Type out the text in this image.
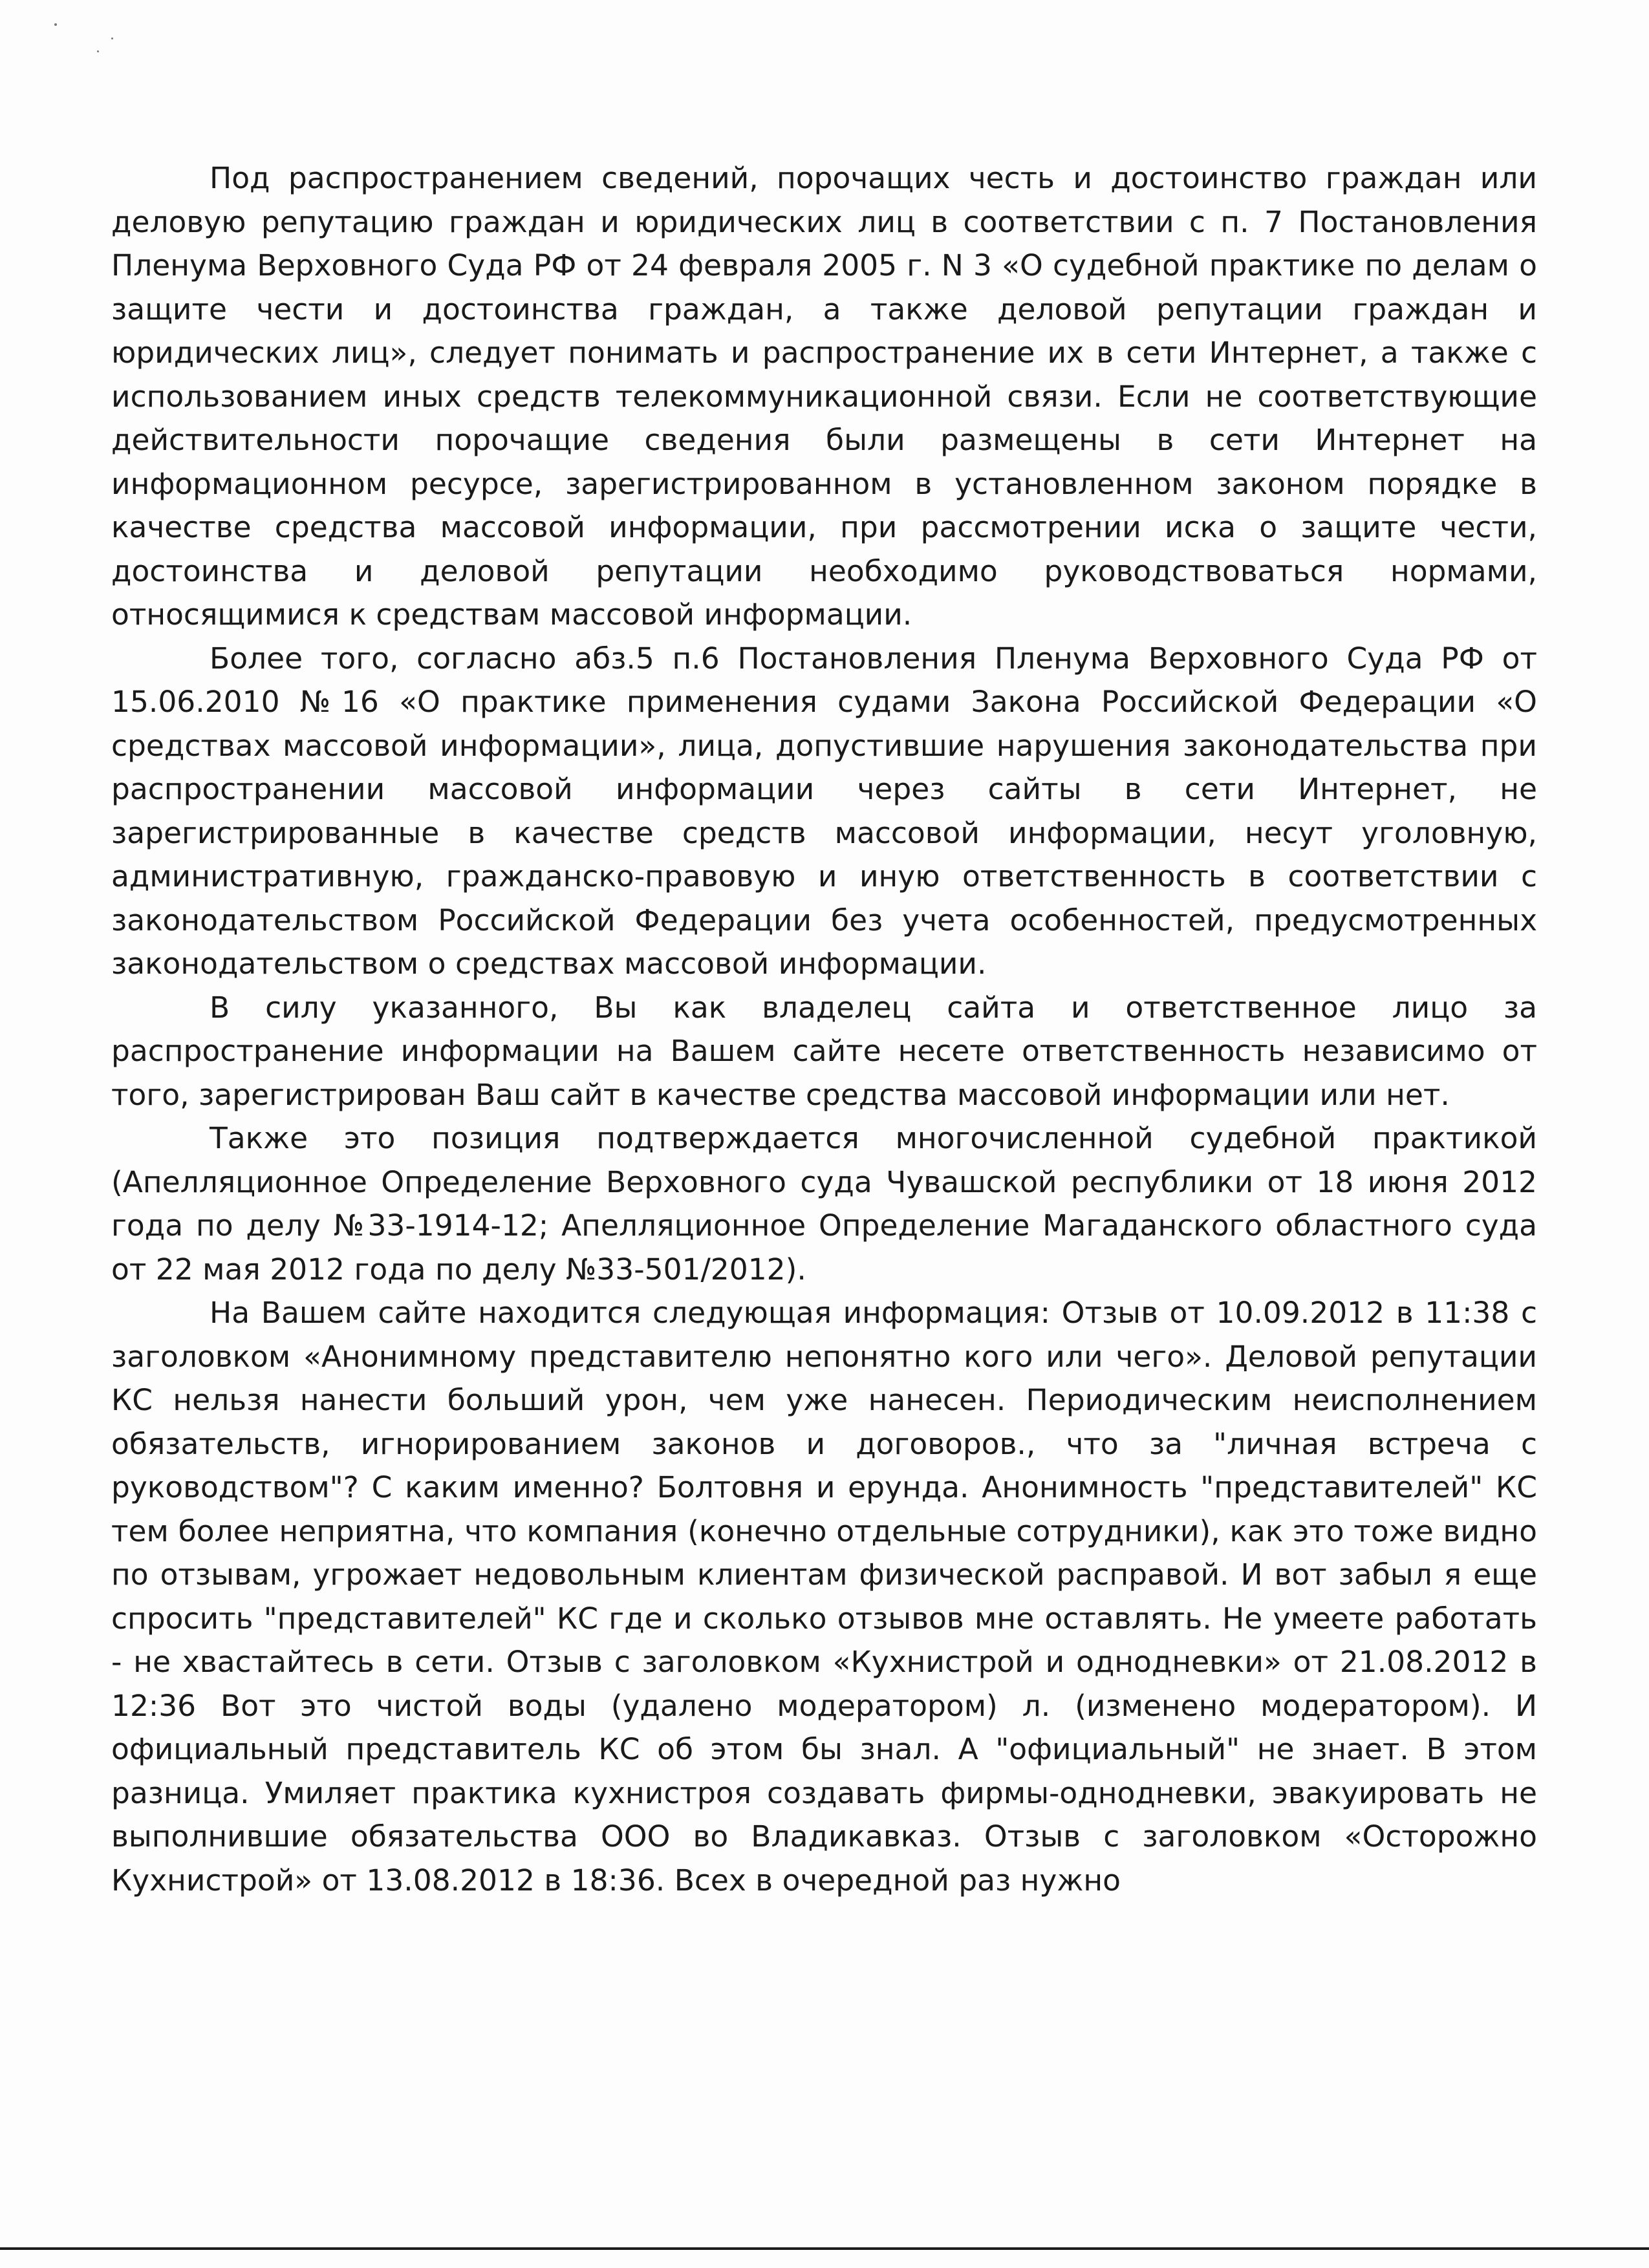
Под распространением сведений, порочащих честь и достоинство граждан или деловую репутацию граждан и юридических лиц в соответствии с п. 7 Постановления Пленума Верховного Суда РФ от 24 февраля 2005 г. N 3 «О судебной практике по делам о защите чести и достоинства граждан, а также деловой репутации граждан и юридических лиц», следует понимать и распространение их в сети Интернет, а также с использованием иных средств телекоммуникационной связи. Если не соответствующие действительности порочащие сведения были размещены в сети Интернет на информационном ресурсе, зарегистрированном в установленном законом порядке в качестве средства массовой информации, при рассмотрении иска о защите чести, достоинства и деловой репутации необходимо руководствоваться нормами, относящимися к средствам массовой информации.

Более того, согласно абз.5 п.6 Постановления Пленума Верховного Суда РФ от 15.06.2010 №16 «О практике применения судами Закона Российской Федерации «О средствах массовой информации», лица, допустившие нарушения законодательства при распространении массовой информации через сайты в сети Интернет, не зарегистрированные в качестве средств массовой информации, несут уголовную, административную, гражданско-правовую и иную ответственность в соответствии с законодательством Российской Федерации без учета особенностей, предусмотренных законодательством о средствах массовой информации.

В силу указанного, Вы как владелец сайта и ответственное лицо за распространение информации на Вашем сайте несете ответственность независимо от того, зарегистрирован Ваш сайт в качестве средства массовой информации или нет.

Также это позиция подтверждается многочисленной судебной практикой (Апелляционное Определение Верховного суда Чувашской республики от 18 июня 2012 года по делу №33-1914-12; Апелляционное Определение Магаданского областного суда от 22 мая 2012 года по делу №33-501/2012).

На Вашем сайте находится следующая информация: Отзыв от 10.09.2012 в 11:38 с заголовком «Анонимному представителю непонятно кого или чего». Деловой репутации КС нельзя нанести больший урон, чем уже нанесен. Периодическим неисполнением обязательств, игнорированием законов и договоров., что за "личная встреча с руководством"? С каким именно? Болтовня и ерунда. Анонимность "представителей" КС тем более неприятна, что компания (конечно отдельные сотрудники), как это тоже видно по отзывам, угрожает недовольным клиентам физической расправой. И вот забыл я еще спросить "представителей" КС где и сколько отзывов мне оставлять. Не умеете работать - не хвастайтесь в сети. Отзыв с заголовком «Кухнистрой и однодневки» от 21.08.2012 в 12:36 Вот это чистой воды (удалено модератором) л. (изменено модератором). И официальный представитель КС об этом бы знал. А "официальный" не знает. В этом разница. Умиляет практика кухнистроя создавать фирмы-однодневки, эвакуировать не выполнившие обязательства ООО во Владикавказ. Отзыв с заголовком «Осторожно Кухнистрой» от 13.08.2012 в 18:36. Всех в очередной раз нужно
